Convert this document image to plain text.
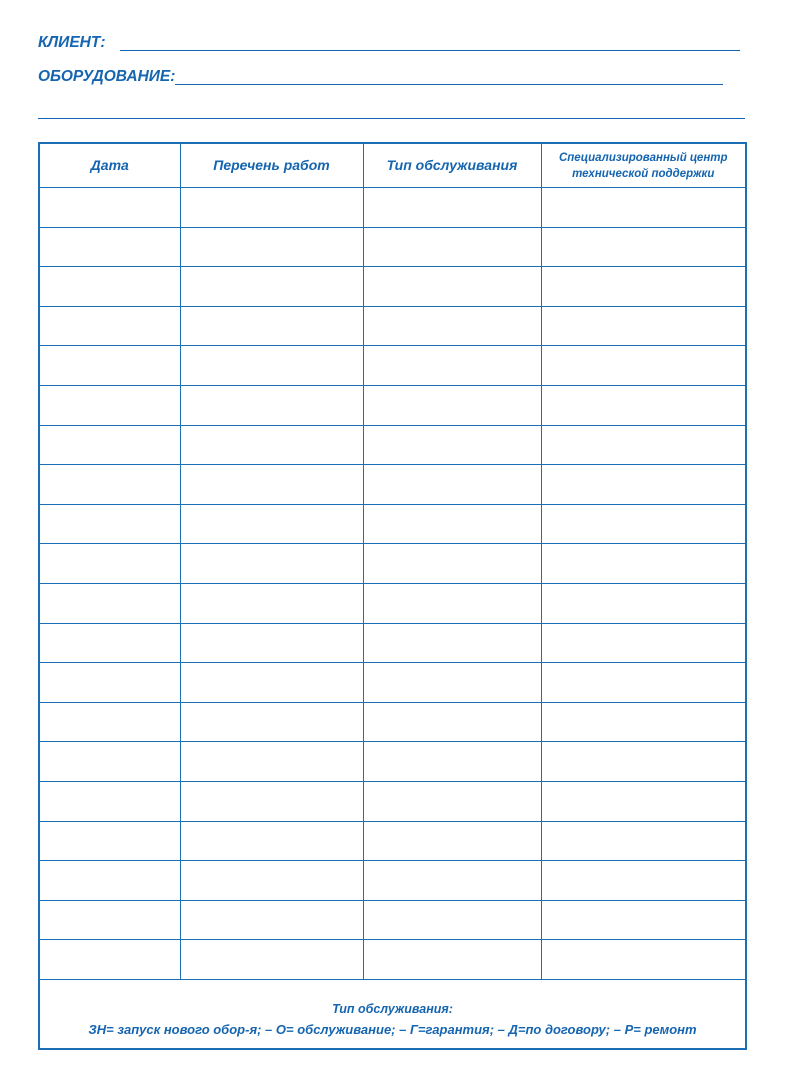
КЛИЕНТ:
ОБОРУДОВАНИЕ:
Дата	Перечень работ	Тип обслуживания	Специализированный центр технической поддержки

Тип обслуживания:
ЗН= запуск нового обор-я; – О= обслуживание; – Г=гарантия; – Д=по договору; – Р= ремонт
